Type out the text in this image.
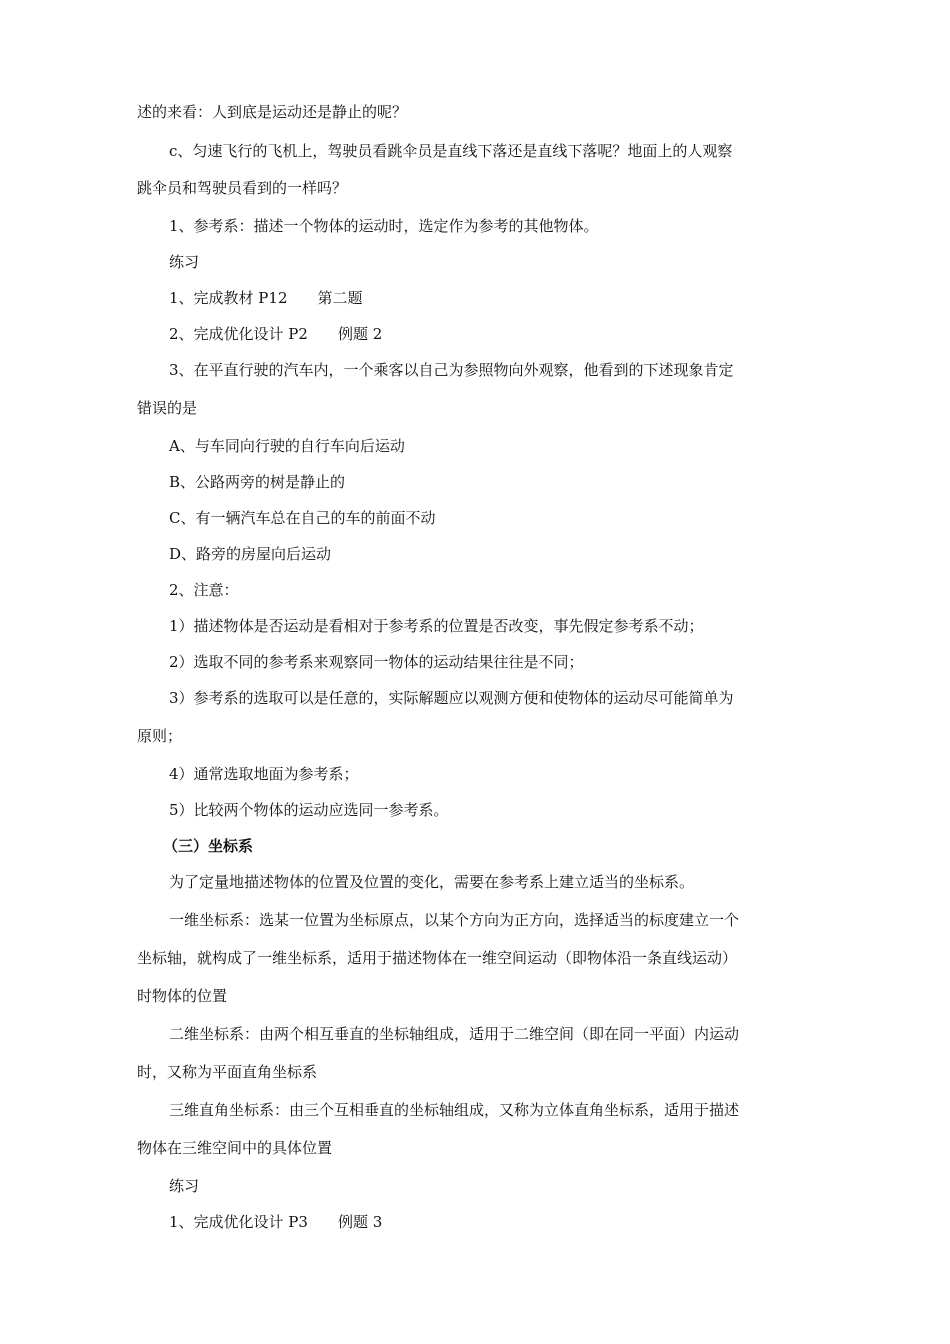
述的来看：人到底是运动还是静止的呢？
c、匀速飞行的飞机上，驾驶员看跳伞员是直线下落还是直线下落呢？地面上的人观察
跳伞员和驾驶员看到的一样吗？
1、参考系：描述一个物体的运动时，选定作为参考的其他物体。
练习
1、完成教材 P12　　第二题
2、完成优化设计 P2　　例题 2
3、在平直行驶的汽车内，一个乘客以自己为参照物向外观察，他看到的下述现象肯定
错误的是
A、与车同向行驶的自行车向后运动
B、公路两旁的树是静止的
C、有一辆汽车总在自己的车的前面不动
D、路旁的房屋向后运动
2、注意：
1）描述物体是否运动是看相对于参考系的位置是否改变，事先假定参考系不动；
2）选取不同的参考系来观察同一物体的运动结果往往是不同；
3）参考系的选取可以是任意的，实际解题应以观测方便和使物体的运动尽可能简单为
原则；
4）通常选取地面为参考系；
5）比较两个物体的运动应选同一参考系。
（三）坐标系
为了定量地描述物体的位置及位置的变化，需要在参考系上建立适当的坐标系。
一维坐标系：选某一位置为坐标原点，以某个方向为正方向，选择适当的标度建立一个
坐标轴，就构成了一维坐标系，适用于描述物体在一维空间运动（即物体沿一条直线运动）
时物体的位置
二维坐标系：由两个相互垂直的坐标轴组成，适用于二维空间（即在同一平面）内运动
时，又称为平面直角坐标系
三维直角坐标系：由三个互相垂直的坐标轴组成，又称为立体直角坐标系，适用于描述
物体在三维空间中的具体位置
练习
1、完成优化设计 P3　　例题 3
